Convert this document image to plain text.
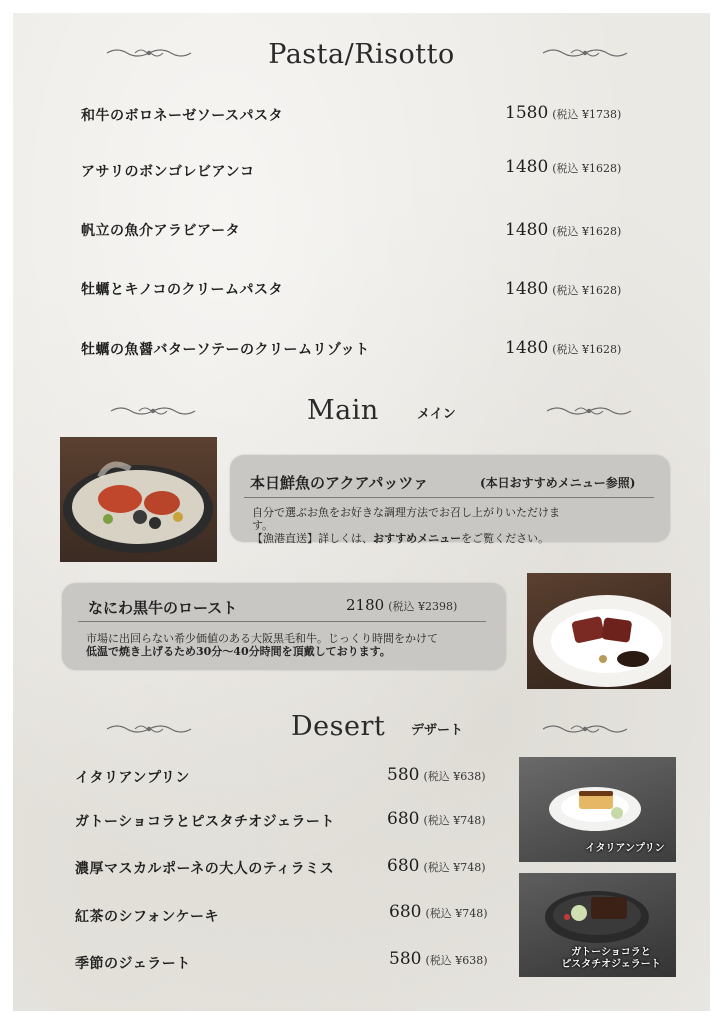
Pasta/Risotto
和牛のボロネーゼソースパスタ	1580 (税込 ¥1738)
アサリのボンゴレビアンコ	1480 (税込 ¥1628)
帆立の魚介アラビアータ	1480 (税込 ¥1628)
牡蠣とキノコのクリームパスタ	1480 (税込 ¥1628)
牡蠣の魚醤バターソテーのクリームリゾット	1480 (税込 ¥1628)
Main	メイン
本日鮮魚のアクアパッツァ	(本日おすすめメニュー参照)
自分で選ぶお魚をお好きな調理方法でお召し上がりいただけま
す。
【漁港直送】詳しくは、おすすめメニューをご覧ください。
なにわ黒牛のロースト	2180 (税込 ¥2398)
市場に出回らない希少価値のある大阪黒毛和牛。じっくり時間をかけて
低温で焼き上げるため30分〜40分時間を頂戴しております。
Desert デザート
イタリアンプリン	580 (税込 ¥638)
ガトーショコラとピスタチオジェラート	680 (税込 ¥748)
濃厚マスカルポーネの大人のティラミス	680 (税込 ¥748)
紅茶のシフォンケーキ	680 (税込 ¥748)
季節のジェラート	580 (税込 ¥638)
イタリアンプリン
ガトーショコラと
ピスタチオジェラート
